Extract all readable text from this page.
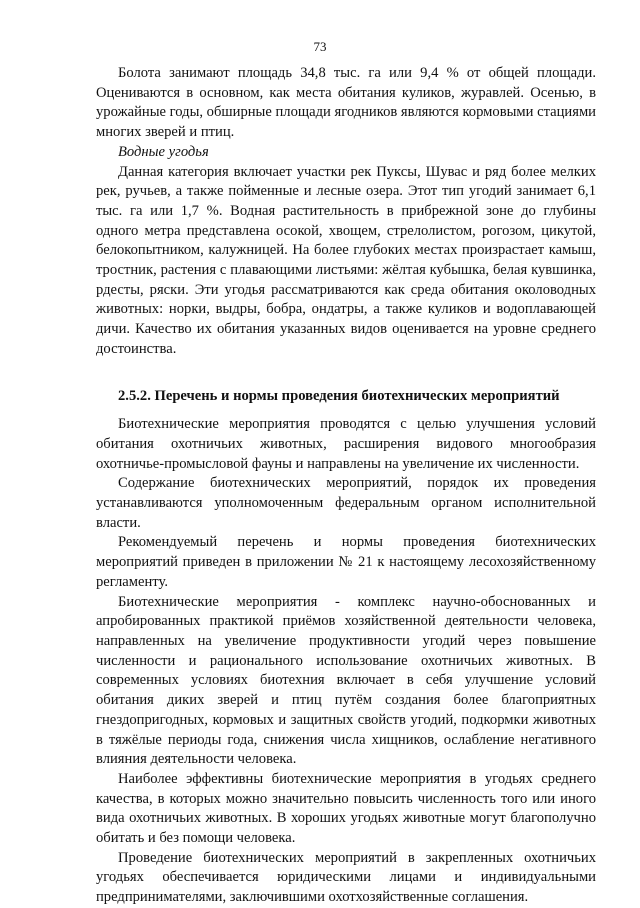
73

Болота занимают площадь 34,8 тыс. га или 9,4 % от общей площади. Оцениваются в основном, как места обитания куликов, журавлей. Осенью, в урожайные годы, обширные площади ягодников являются кормовыми стациями многих зверей и птиц.

Водные угодья

Данная категория включает участки рек Пуксы, Шувас и ряд более мелких рек, ручьев, а также пойменные и лесные озера. Этот тип угодий занимает 6,1 тыс. га или 1,7 %. Водная растительность в прибрежной зоне до глубины одного метра представлена осокой, хвощем, стрелолистом, рогозом, цикутой, белокопытником, калужницей. На более глубоких местах произрастает камыш, тростник, растения с плавающими листьями: жёлтая кубышка, белая кувшинка, рдесты, ряски. Эти угодья рассматриваются как среда обитания околоводных животных: норки, выдры, бобра, ондатры, а также куликов и водоплавающей дичи. Качество их обитания указанных видов оценивается на уровне среднего достоинства.

2.5.2. Перечень и нормы проведения биотехнических мероприятий

Биотехнические мероприятия проводятся с целью улучшения условий обитания охотничьих животных, расширения видового многообразия охотничье-промысловой фауны и направлены на увеличение их численности.

Содержание биотехнических мероприятий, порядок их проведения устанавливаются уполномоченным федеральным органом исполнительной власти.

Рекомендуемый перечень и нормы проведения биотехнических мероприятий приведен в приложении № 21 к настоящему лесохозяйственному регламенту.

Биотехнические мероприятия - комплекс научно-обоснованных и апробированных практикой приёмов хозяйственной деятельности человека, направленных на увеличение продуктивности угодий через повышение численности и рационального использование охотничьих животных. В современных условиях биотехния включает в себя улучшение условий обитания диких зверей и птиц путём создания более благоприятных гнездопригодных, кормовых и защитных свойств угодий, подкормки животных в тяжёлые периоды года, снижения числа хищников, ослабление негативного влияния деятельности человека.

Наиболее эффективны биотехнические мероприятия в угодьях среднего качества, в которых можно значительно повысить численность того или иного вида охотничьих животных. В хороших угодьях животные могут благополучно обитать и без помощи человека.

Проведение биотехнических мероприятий в закрепленных охотничьих угодьях обеспечивается юридическими лицами и индивидуальными предпринимателями, заключившими охотхозяйственные соглашения.
